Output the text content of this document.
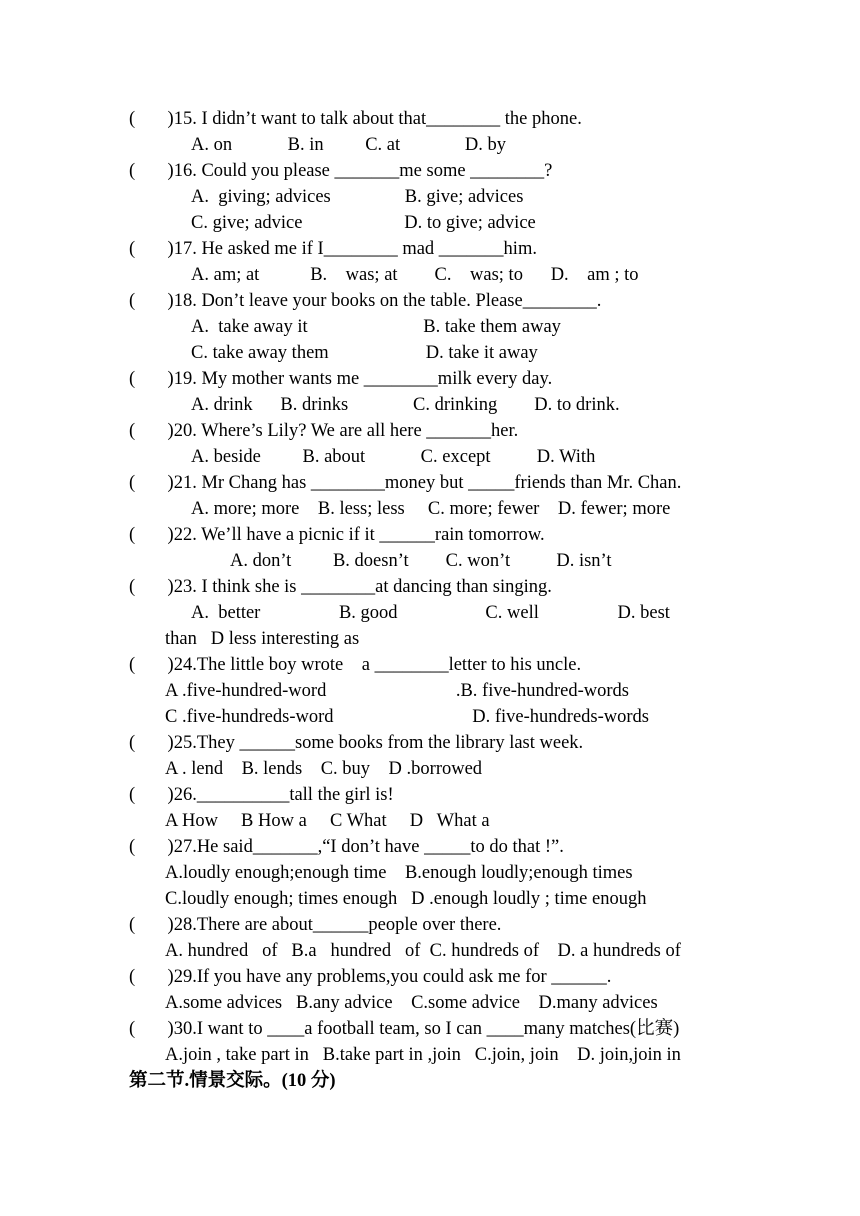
(       )15. I didn’t want to talk about that________ the phone.
A. on            B. in         C. at              D. by
(       )16. Could you please _______me some ________?
A.  giving; advices                B. give; advices
C. give; advice                      D. to give; advice
(       )17. He asked me if I________ mad _______him.
A. am; at           B.    was; at        C.    was; to      D.    am ; to
(       )18. Don’t leave your books on the table. Please________.
A.  take away it                         B. take them away
C. take away them                     D. take it away
(       )19. My mother wants me ________milk every day.
A. drink      B. drinks              C. drinking        D. to drink.
(       )20. Where’s Lily? We are all here _______her.
A. beside         B. about            C. except          D. With
(       )21. Mr Chang has ________money but _____friends than Mr. Chan.
A. more; more    B. less; less     C. more; fewer    D. fewer; more
(       )22. We’ll have a picnic if it ______rain tomorrow.
A. don’t         B. doesn’t        C. won’t          D. isn’t
(       )23. I think she is ________at dancing than singing.
A.  better                 B. good                   C. well                 D. best
than   D less interesting as
(       )24.The little boy wrote    a ________letter to his uncle.
A .five-hundred-word                            .B. five-hundred-words
C .five-hundreds-word                              D. five-hundreds-words
(       )25.They ______some books from the library last week.
A . lend    B. lends    C. buy    D .borrowed
(       )26.__________tall the girl is!
A How     B How a     C What     D   What a
(       )27.He said_______,“I don’t have _____to do that !”.
A.loudly enough;enough time    B.enough loudly;enough times
C.loudly enough; times enough   D .enough loudly ; time enough
(       )28.There are about______people over there.
A. hundred   of   B.a   hundred   of  C. hundreds of    D. a hundreds of
(       )29.If you have any problems,you could ask me for ______.
A.some advices   B.any advice    C.some advice    D.many advices
(       )30.I want to ____a football team, so I can ____many matches(比赛)
A.join , take part in   B.take part in ,join   C.join, join    D. join,join in
第二节.情景交际。(10 分)
